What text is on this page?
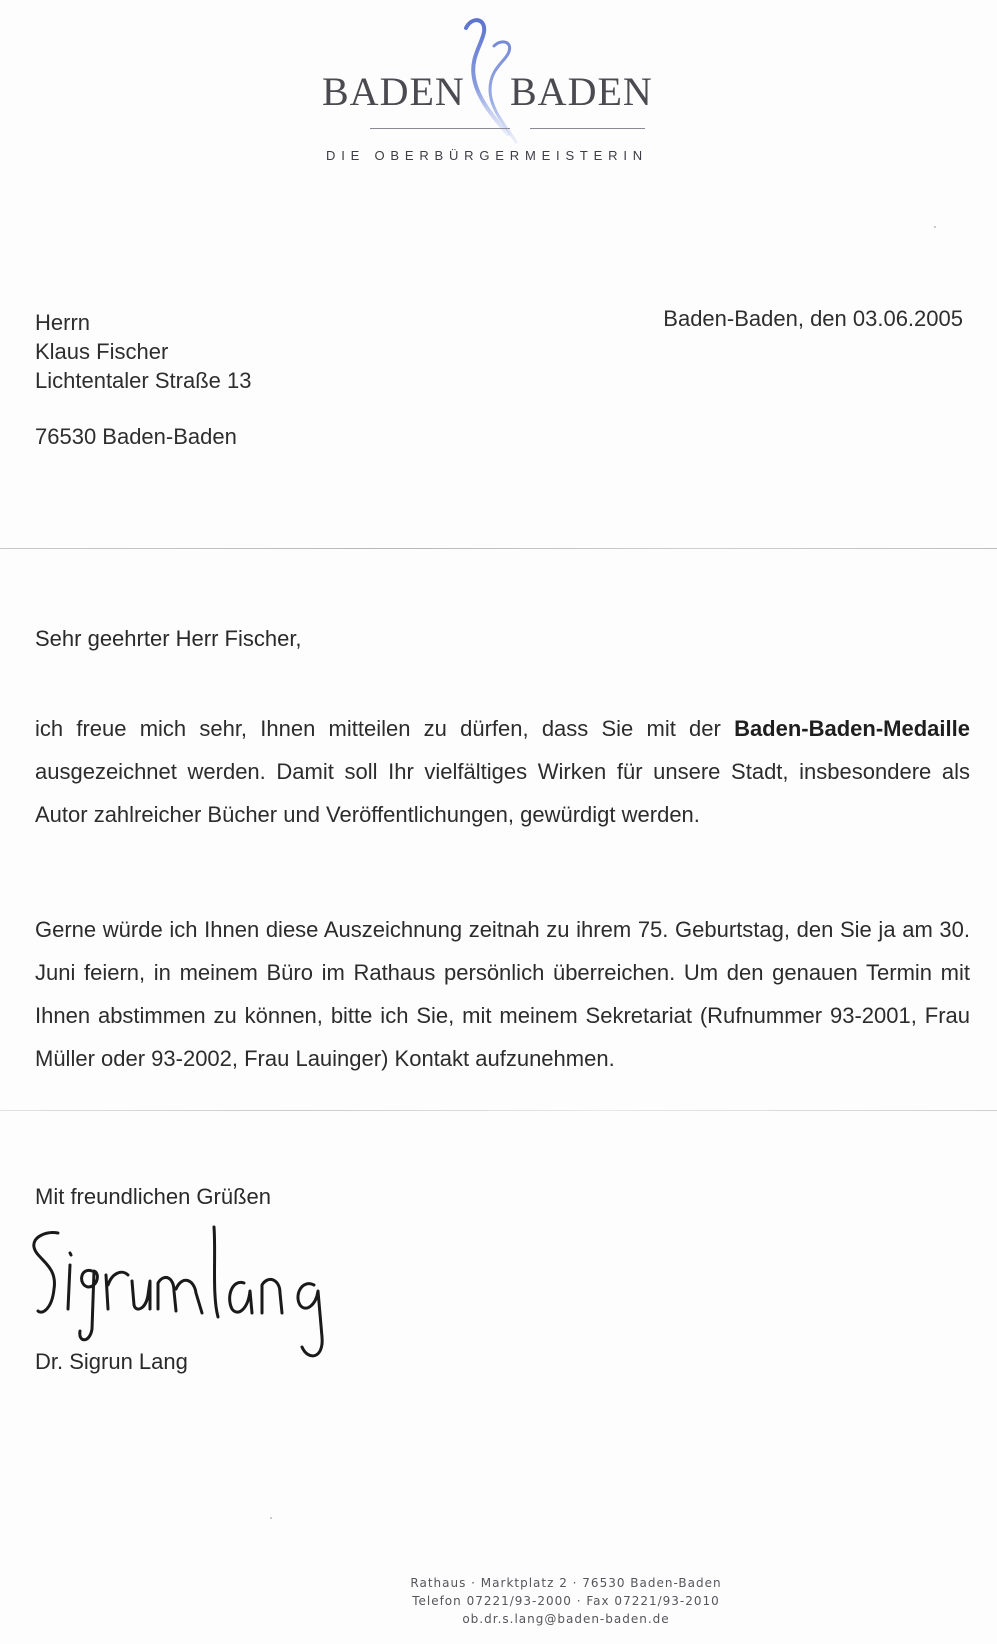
BADEN BADEN
DIE OBERBÜRGERMEISTERIN
Herrn
Klaus Fischer
Lichtentaler Straße 13
76530 Baden-Baden
Baden-Baden, den 03.06.2005
Sehr geehrter Herr Fischer,
ich freue mich sehr, Ihnen mitteilen zu dürfen, dass Sie mit der Baden-Baden-Medaille ausgezeichnet werden. Damit soll Ihr vielfältiges Wirken für unsere Stadt, insbesondere als Autor zahlreicher Bücher und Veröffentlichungen, gewürdigt werden.
Gerne würde ich Ihnen diese Auszeichnung zeitnah zu ihrem 75. Geburtstag, den Sie ja am 30. Juni feiern, in meinem Büro im Rathaus persönlich überreichen. Um den genauen Termin mit Ihnen abstimmen zu können, bitte ich Sie, mit meinem Sekretariat (Rufnummer 93-2001, Frau Müller oder 93-2002, Frau Lauinger) Kontakt aufzunehmen.
Mit freundlichen Grüßen
Dr. Sigrun Lang
Rathaus · Marktplatz 2 · 76530 Baden-Baden
Telefon 07221/93-2000 · Fax 07221/93-2010
ob.dr.s.lang@baden-baden.de
